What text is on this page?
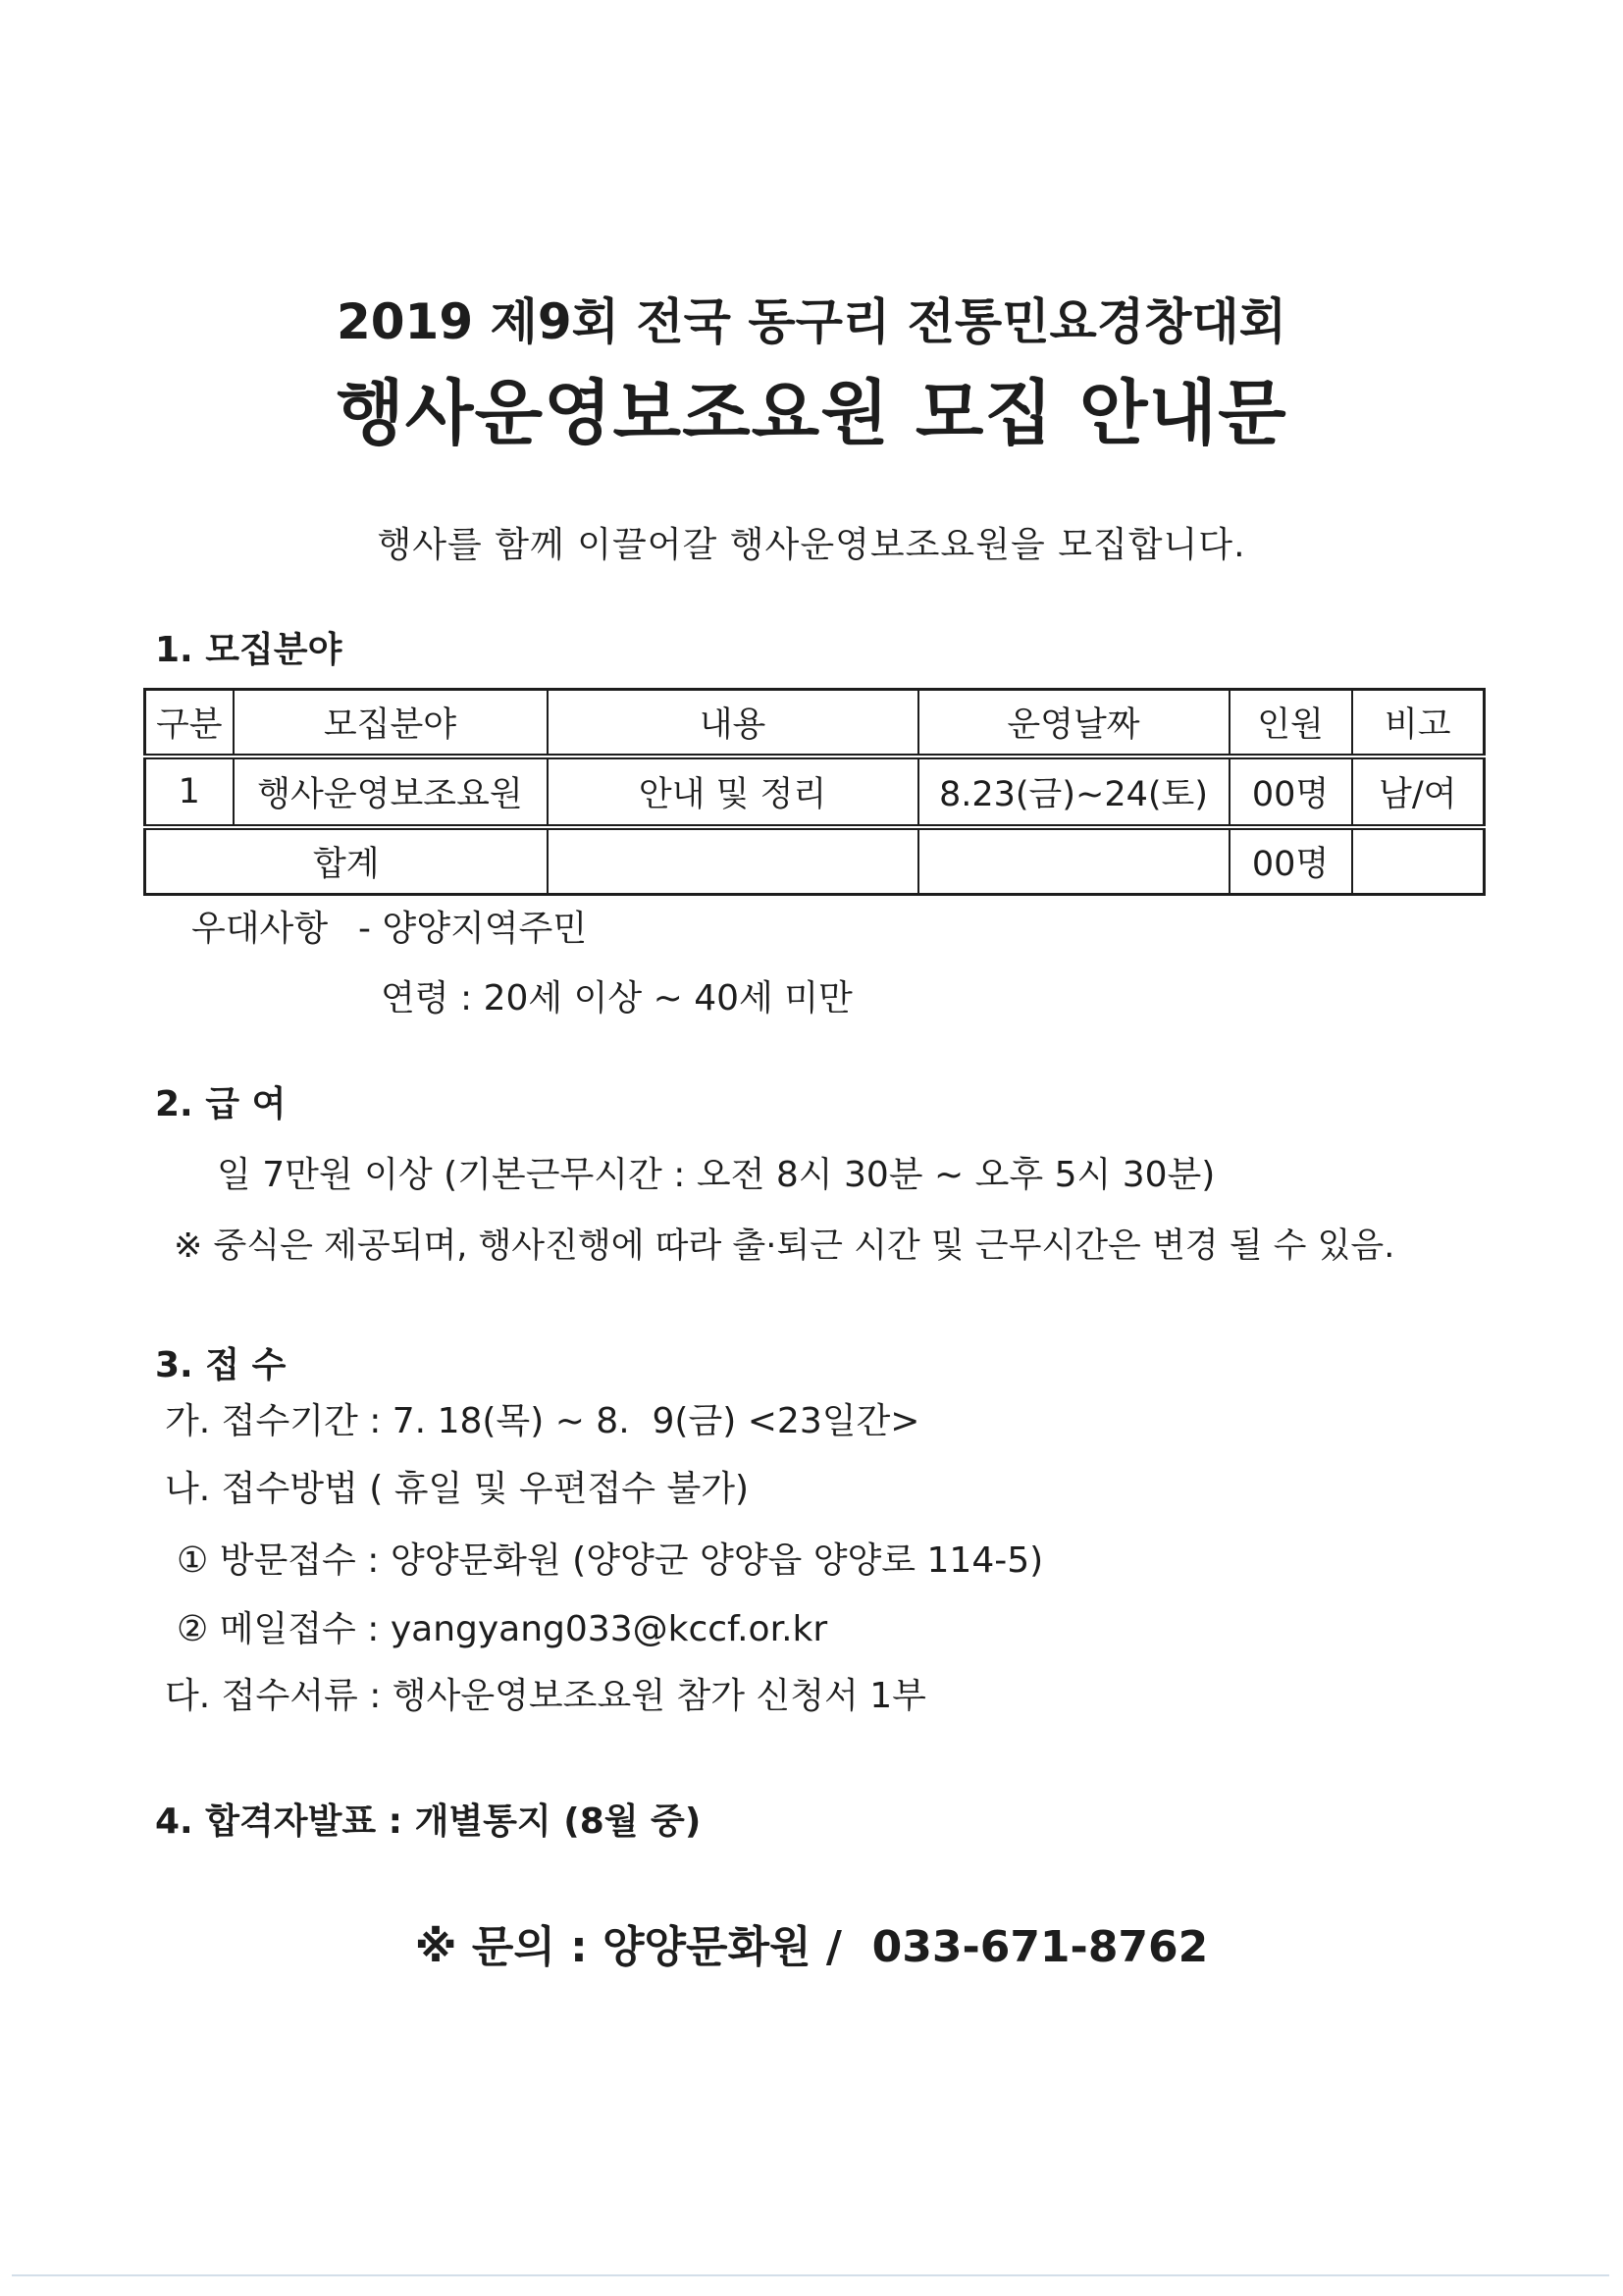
2019 제9회 전국 동구리 전통민요경창대회
행사운영보조요원 모집 안내문
행사를 함께 이끌어갈 행사운영보조요원을 모집합니다.
1. 모집분야
구분	모집분야	내용	운영날짜	인원	비고
1	행사운영보조요원	안내 및 정리	8.23(금)~24(토)	00명	남/여
합계				00명	
우대사항 - 양양지역주민
연령 : 20세 이상 ~ 40세 미만
2. 급 여
일 7만원 이상 (기본근무시간 : 오전 8시 30분 ~ 오후 5시 30분)
※ 중식은 제공되며, 행사진행에 따라 출·퇴근 시간 및 근무시간은 변경 될 수 있음.
3. 접 수
가. 접수기간 : 7. 18(목) ~ 8.  9(금) <23일간>
나. 접수방법 ( 휴일 및 우편접수 불가)
① 방문접수 : 양양문화원 (양양군 양양읍 양양로 114-5)
② 메일접수 : yangyang033@kccf.or.kr
다. 접수서류 : 행사운영보조요원 참가 신청서 1부
4. 합격자발표 : 개별통지 (8월 중)
※ 문의 : 양양문화원 /  033-671-8762
